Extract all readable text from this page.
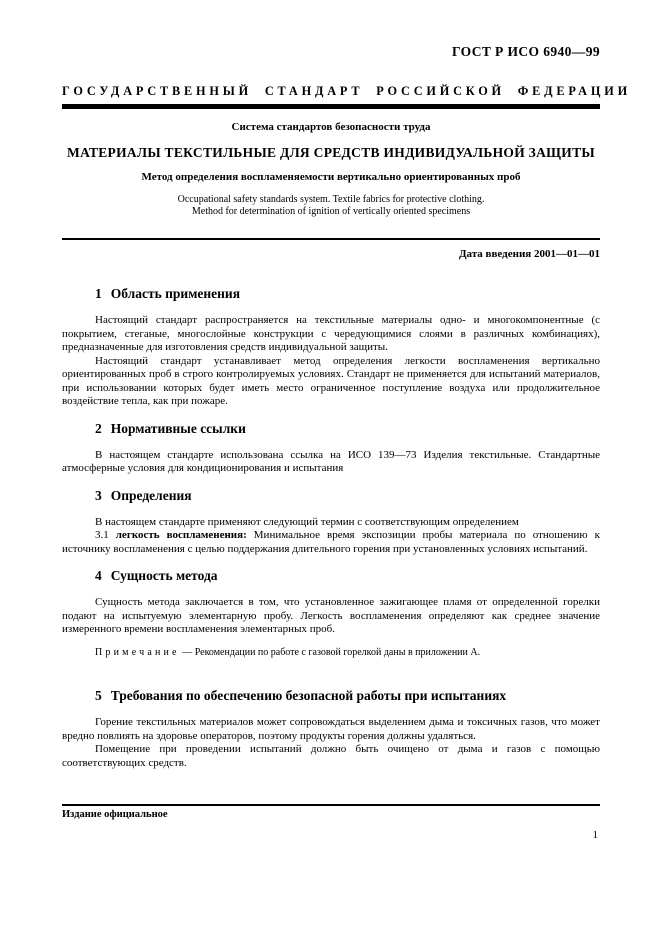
ГОСТ Р ИСО 6940—99
ГОСУДАРСТВЕННЫЙ СТАНДАРТ РОССИЙСКОЙ ФЕДЕРАЦИИ
Система стандартов безопасности труда
МАТЕРИАЛЫ ТЕКСТИЛЬНЫЕ ДЛЯ СРЕДСТВ ИНДИВИДУАЛЬНОЙ ЗАЩИТЫ
Метод определения воспламеняемости вертикально ориентированных проб
Occupational safety standards system. Textile fabrics for protective clothing.
Method for determination of ignition of vertically oriented specimens
Дата введения 2001—01—01
1 Область применения

Настоящий стандарт распространяется на текстильные материалы одно- и многокомпонентные (с покрытием, стеганые, многослойные конструкции с чередующимися слоями в различных комбинациях), предназначенные для изготовления средств индивидуальной защиты.

Настоящий стандарт устанавливает метод определения легкости воспламенения вертикально ориентированных проб в строго контролируемых условиях. Стандарт не применяется для испытаний материалов, при использовании которых будет иметь место ограниченное поступление воздуха или продолжительное воздействие тепла, как при пожаре.

2 Нормативные ссылки

В настоящем стандарте использована ссылка на ИСО 139—73 Изделия текстильные. Стандартные атмосферные условия для кондиционирования и испытания

3 Определения

В настоящем стандарте применяют следующий термин с соответствующим определением

3.1 легкость воспламенения: Минимальное время экспозиции пробы материала по отношению к источнику воспламенения с целью поддержания длительного горения при установленных условиях испытаний.

4 Сущность метода

Сущность метода заключается в том, что установленное зажигающее пламя от определенной горелки подают на испытуемую элементарную пробу. Легкость воспламенения определяют как среднее значение измеренного времени воспламенения элементарных проб.

Примечание — Рекомендации по работе с газовой горелкой даны в приложении А.

5 Требования по обеспечению безопасной работы при испытаниях

Горение текстильных материалов может сопровождаться выделением дыма и токсичных газов, что может вредно повлиять на здоровье операторов, поэтому продукты горения должны удаляться.

Помещение при проведении испытаний должно быть очищено от дыма и газов с помощью соответствующих средств.

Издание официальное
1
